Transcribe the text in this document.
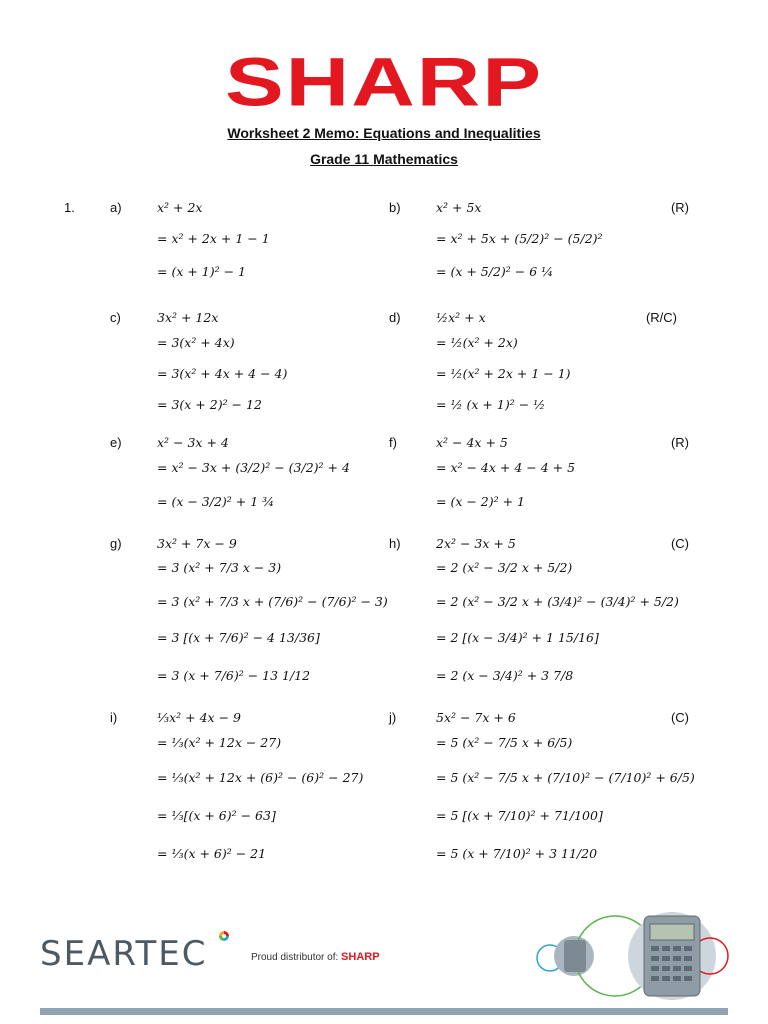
SHARP
Worksheet 2 Memo: Equations and Inequalities
Grade 11 Mathematics
1.	a)	x² + 2x
= x² + 2x + 1 − 1
= (x + 1)² − 1
b)	(R)
x² + 5x
= x² + 5x + (5/2)² − (5/2)²
= (x + 5/2)² − 6 ¼
c)	3x² + 12x
= 3(x² + 4x)
= 3(x² + 4x + 4 − 4)
= 3(x + 2)² − 12
d)	(R/C)
½x² + x
= ½(x² + 2x)
= ½(x² + 2x + 1 − 1)
= ½ (x + 1)² − ½
e)	x² − 3x + 4
= x² − 3x + (3/2)² − (3/2)² + 4
= (x − 3/2)² + 1 ¾
f)	(R)
x² − 4x + 5
= x² − 4x + 4 − 4 + 5
= (x − 2)² + 1
g)	3x² + 7x − 9
= 3 (x² + 7/3 x − 3)
= 3 (x² + 7/3 x + (7/6)² − (7/6)² − 3)
= 3 [(x + 7/6)² − 4 13/36]
= 3 (x + 7/6)² − 13 1/12
h)	(C)
2x² − 3x + 5
= 2 (x² − 3/2 x + 5/2)
= 2 (x² − 3/2 x + (3/4)² − (3/4)² + 5/2)
= 2 [(x − 3/4)² + 1 15/16]
= 2 (x − 3/4)² + 3 7/8
i)	⅓x² + 4x − 9
= ⅓(x² + 12x − 27)
= ⅓(x² + 12x + (6)² − (6)² − 27)
= ⅓[(x + 6)² − 63]
= ⅓(x + 6)² − 21
j)	(C)
5x² − 7x + 6
= 5 (x² − 7/5 x + 6/5)
= 5 (x² − 7/5 x + (7/10)² − (7/10)² + 6/5)
= 5 [(x + 7/10)² + 71/100]
= 5 (x + 7/10)² + 3 11/20
SEARTEC	Proud distributor of: SHARP
